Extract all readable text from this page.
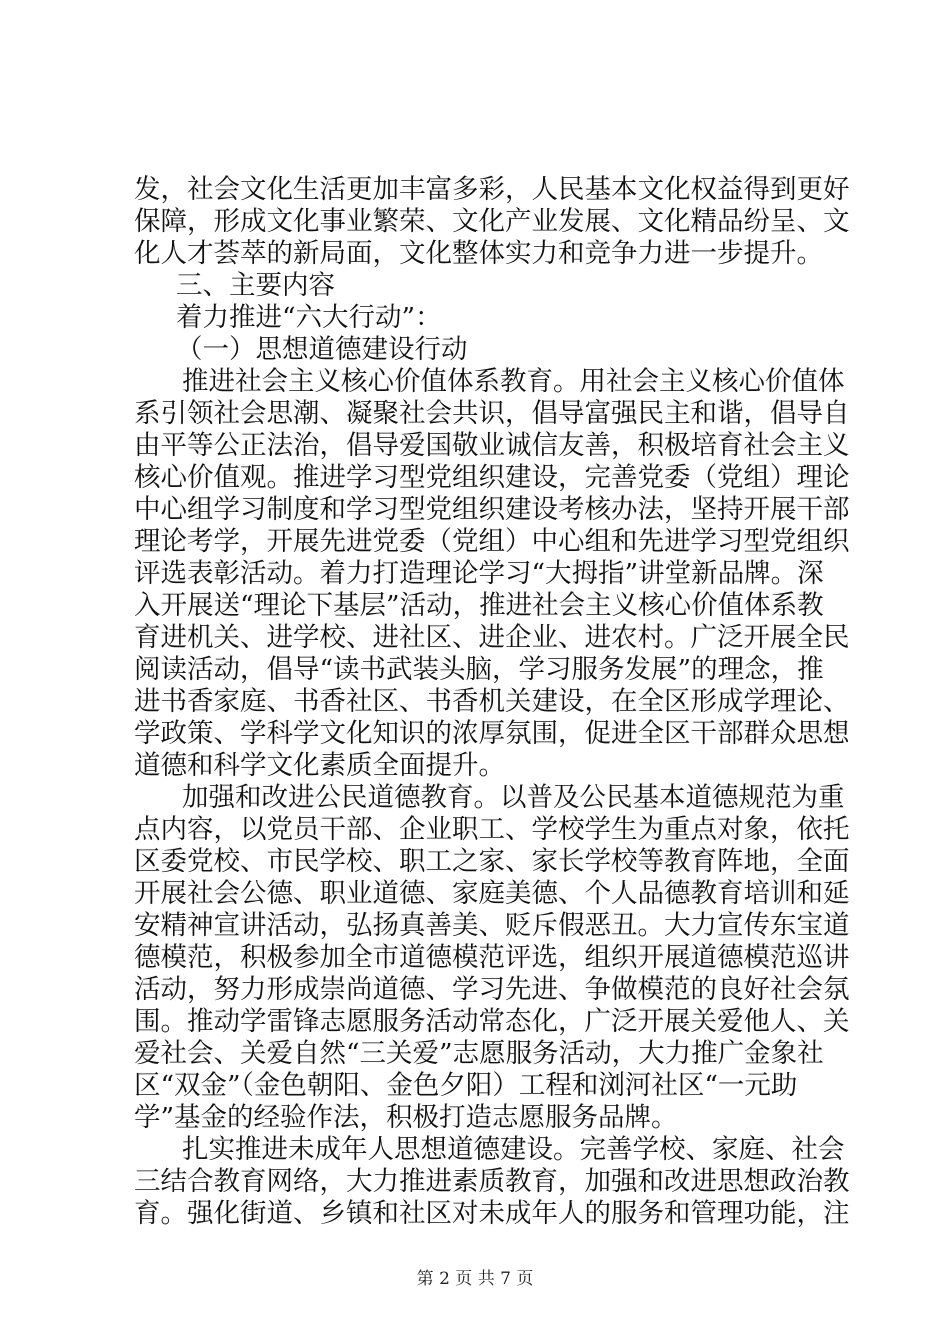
发，社会文化生活更加丰富多彩，人民基本文化权益得到更好
保障，形成文化事业繁荣、文化产业发展、文化精品纷呈、文
化人才荟萃的新局面，文化整体实力和竞争力进一步提升。
三、主要内容
着力推进“六大行动”：
（一）思想道德建设行动
推进社会主义核心价值体系教育。用社会主义核心价值体
系引领社会思潮、凝聚社会共识，倡导富强民主和谐，倡导自
由平等公正法治，倡导爱国敬业诚信友善，积极培育社会主义
核心价值观。推进学习型党组织建设，完善党委（党组）理论
中心组学习制度和学习型党组织建设考核办法，坚持开展干部
理论考学，开展先进党委（党组）中心组和先进学习型党组织
评选表彰活动。着力打造理论学习“大拇指”讲堂新品牌。深
入开展送“理论下基层”活动，推进社会主义核心价值体系教
育进机关、进学校、进社区、进企业、进农村。广泛开展全民
阅读活动，倡导“读书武装头脑，学习服务发展”的理念，推
进书香家庭、书香社区、书香机关建设，在全区形成学理论、
学政策、学科学文化知识的浓厚氛围，促进全区干部群众思想
道德和科学文化素质全面提升。
加强和改进公民道德教育。以普及公民基本道德规范为重
点内容，以党员干部、企业职工、学校学生为重点对象，依托
区委党校、市民学校、职工之家、家长学校等教育阵地，全面
开展社会公德、职业道德、家庭美德、个人品德教育培训和延
安精神宣讲活动，弘扬真善美、贬斥假恶丑。大力宣传东宝道
德模范，积极参加全市道德模范评选，组织开展道德模范巡讲
活动，努力形成崇尚道德、学习先进、争做模范的良好社会氛
围。推动学雷锋志愿服务活动常态化，广泛开展关爱他人、关
爱社会、关爱自然“三关爱”志愿服务活动，大力推广金象社
区“双金”（金色朝阳、金色夕阳）工程和浏河社区“一元助
学”基金的经验作法，积极打造志愿服务品牌。
扎实推进未成年人思想道德建设。完善学校、家庭、社会
三结合教育网络，大力推进素质教育，加强和改进思想政治教
育。强化街道、乡镇和社区对未成年人的服务和管理功能，注
第 2 页 共 7 页
